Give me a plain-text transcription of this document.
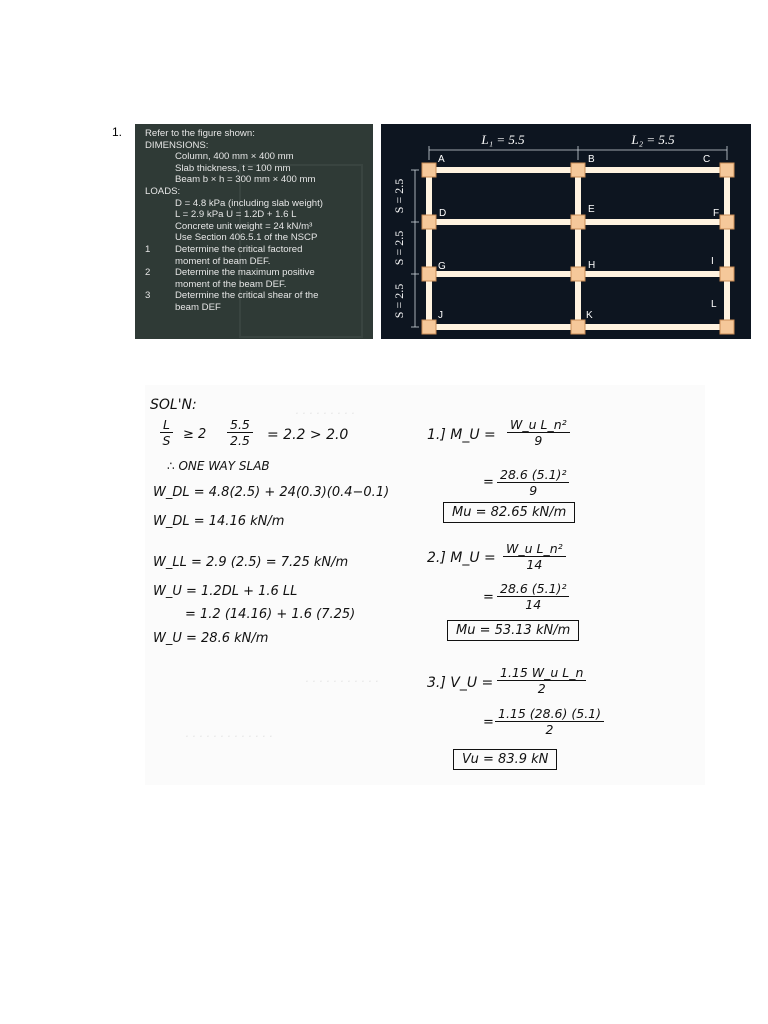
1. Refer to the figure shown:
DIMENSIONS:
Column, 400 mm × 400 mm
Slab thickness, t = 100 mm
Beam b × h = 300 mm × 400 mm
LOADS:
D = 4.8 kPa (including slab weight)
L = 2.9 kPa U = 1.2D + 1.6 L
Concrete unit weight = 24 kN/m³
Use Section 406.5.1 of the NSCP
1	Determine the critical factored
moment of beam DEF.
2	Determine the maximum positive
moment of the beam DEF.
3	Determine the critical shear of the
beam DEF
L₁ = 5.5	L₂ = 5.5
S = 2.5
S = 2.5
S = 2.5
A	B	C
D	E	F
G	H	I
J	K
L
· · · · · · · · ·
· · · · · · · · · · ·
· · · · · · · · · · · · ·
SOL'N:
$\frac{L}{S} \ge 2 \frac{5.5}{2.5} = 2.2 > 2.0$
∴ ONE WAY SLAB
W_DL = 4.8(2.5) + 24(0.3)(0.4−0.1)
W_DL = 14.16 kN/m
W_LL = 2.9 (2.5) = 7.25 kN/m
W_U = 1.2DL + 1.6 LL
= 1.2 (14.16) + 1.6 (7.25)
W_U = 28.6 kN/m
1.] M_U = $\frac{\text{W\_u L\_n²}}{9}$
= $\frac{\text{28.6 (5.1)²}}{9}$
Mu = 82.65 kN/m
2.] M_U = $\frac{\text{W\_u L\_n²}}{14}$
= $\frac{\text{28.6 (5.1)²}}{14}$
Mu = 53.13 kN/m
3.] V_U = $\frac{\text{1.15 W\_u L\_n}}{2}$
= $\frac{1.15 (28.6) (5.1)}{2}$
Vu = 83.9 kN
